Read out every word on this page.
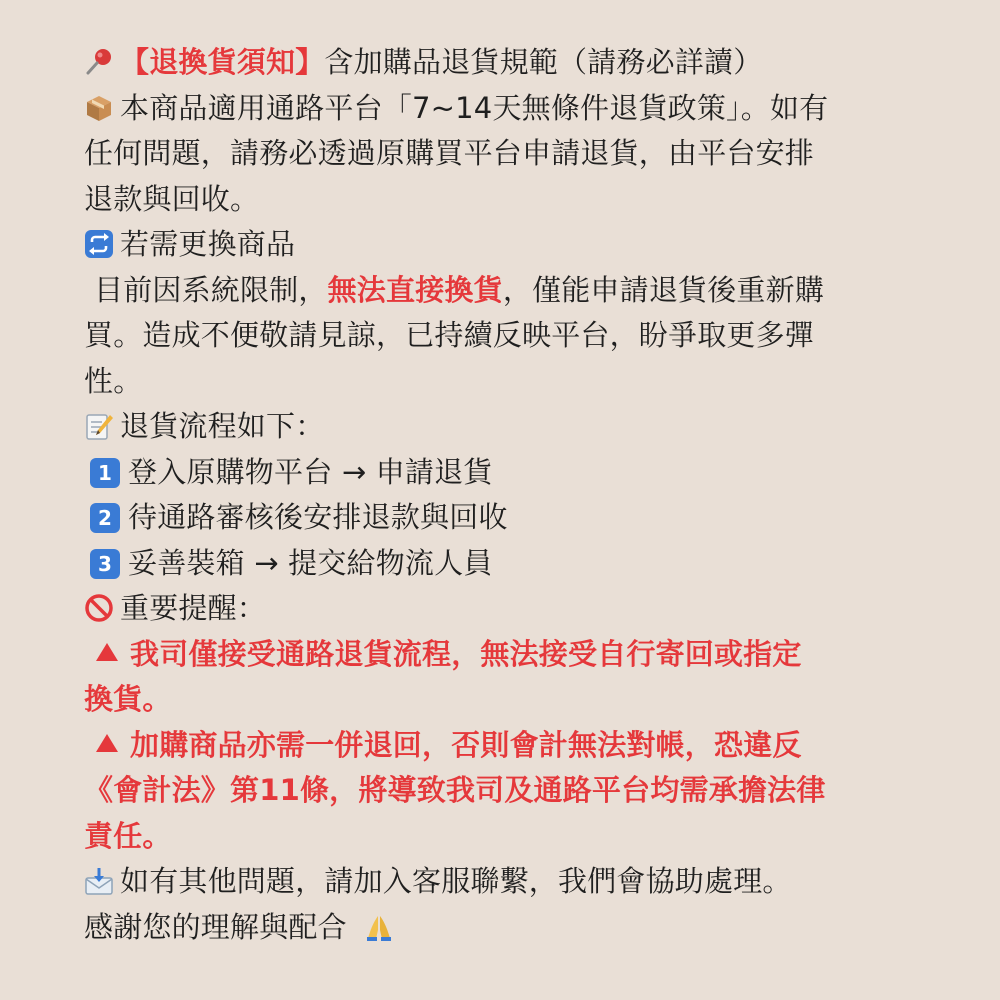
【退換貨須知】含加購品退貨規範（請務必詳讀）
本商品適用通路平台「7~14天無條件退貨政策」。如有
任何問題，請務必透過原購買平台申請退貨，由平台安排
退款與回收。
若需更換商品
目前因系統限制，無法直接換貨，僅能申請退貨後重新購
買。造成不便敬請見諒，已持續反映平台，盼爭取更多彈
性。
退貨流程如下：
1 登入原購物平台 → 申請退貨
2 待通路審核後安排退款與回收
3 妥善裝箱 → 提交給物流人員
重要提醒：
我司僅接受通路退貨流程，無法接受自行寄回或指定
換貨。
加購商品亦需一併退回，否則會計無法對帳，恐違反
《會計法》第11條，將導致我司及通路平台均需承擔法律
責任。
如有其他問題，請加入客服聯繫，我們會協助處理。
感謝您的理解與配合
